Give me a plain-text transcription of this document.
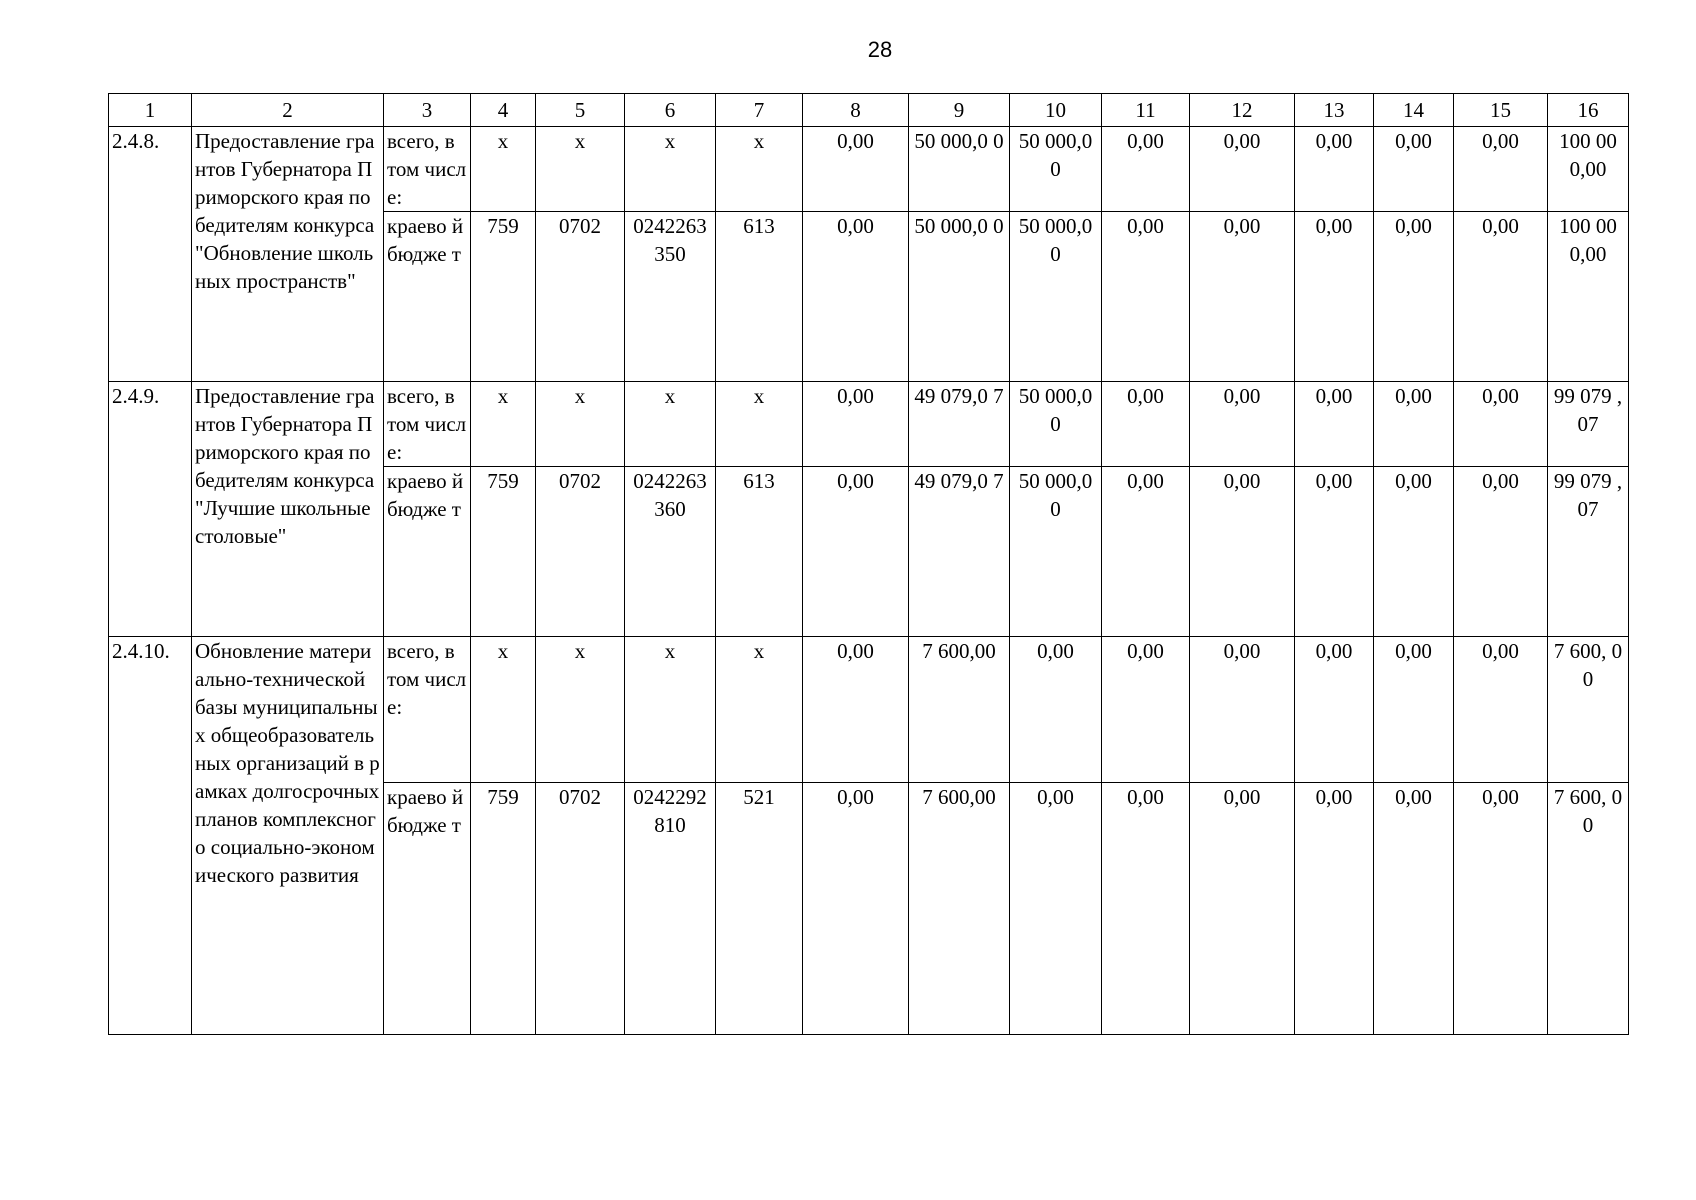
28
1	2	3	4	5	6	7	8	9	10	11	12	13	14	15	16
2.4.8.	Предоставление грантов Губернатора Приморского края победителям конкурса "Обновление школьных пространств"	всего, в том числе:	x	x	x	x	0,00	50 000,0 0	50 000,0 0	0,00	0,00	0,00	0,00	0,00	100 00 0,00
		краево й бюдже т	759	0702	0242263 350	613	0,00	50 000,0 0	50 000,0 0	0,00	0,00	0,00	0,00	0,00	100 00 0,00
2.4.9.	Предоставление грантов Губернатора Приморского края победителям конкурса "Лучшие школьные столовые"	всего, в том числе:	x	x	x	x	0,00	49 079,0 7	50 000,0 0	0,00	0,00	0,00	0,00	0,00	99 079 ,07
		краево й бюдже т	759	0702	0242263 360	613	0,00	49 079,0 7	50 000,0 0	0,00	0,00	0,00	0,00	0,00	99 079 ,07
2.4.10.	Обновление материально-технической базы муниципальных общеобразовательных организаций в рамках долгосрочных планов комплексного социально-экономического развития	всего, в том числе:	x	x	x	x	0,00	7 600,00	0,00	0,00	0,00	0,00	0,00	0,00	7 600, 00
		краево й бюдже т	759	0702	0242292 810	521	0,00	7 600,00	0,00	0,00	0,00	0,00	0,00	0,00	7 600, 00
